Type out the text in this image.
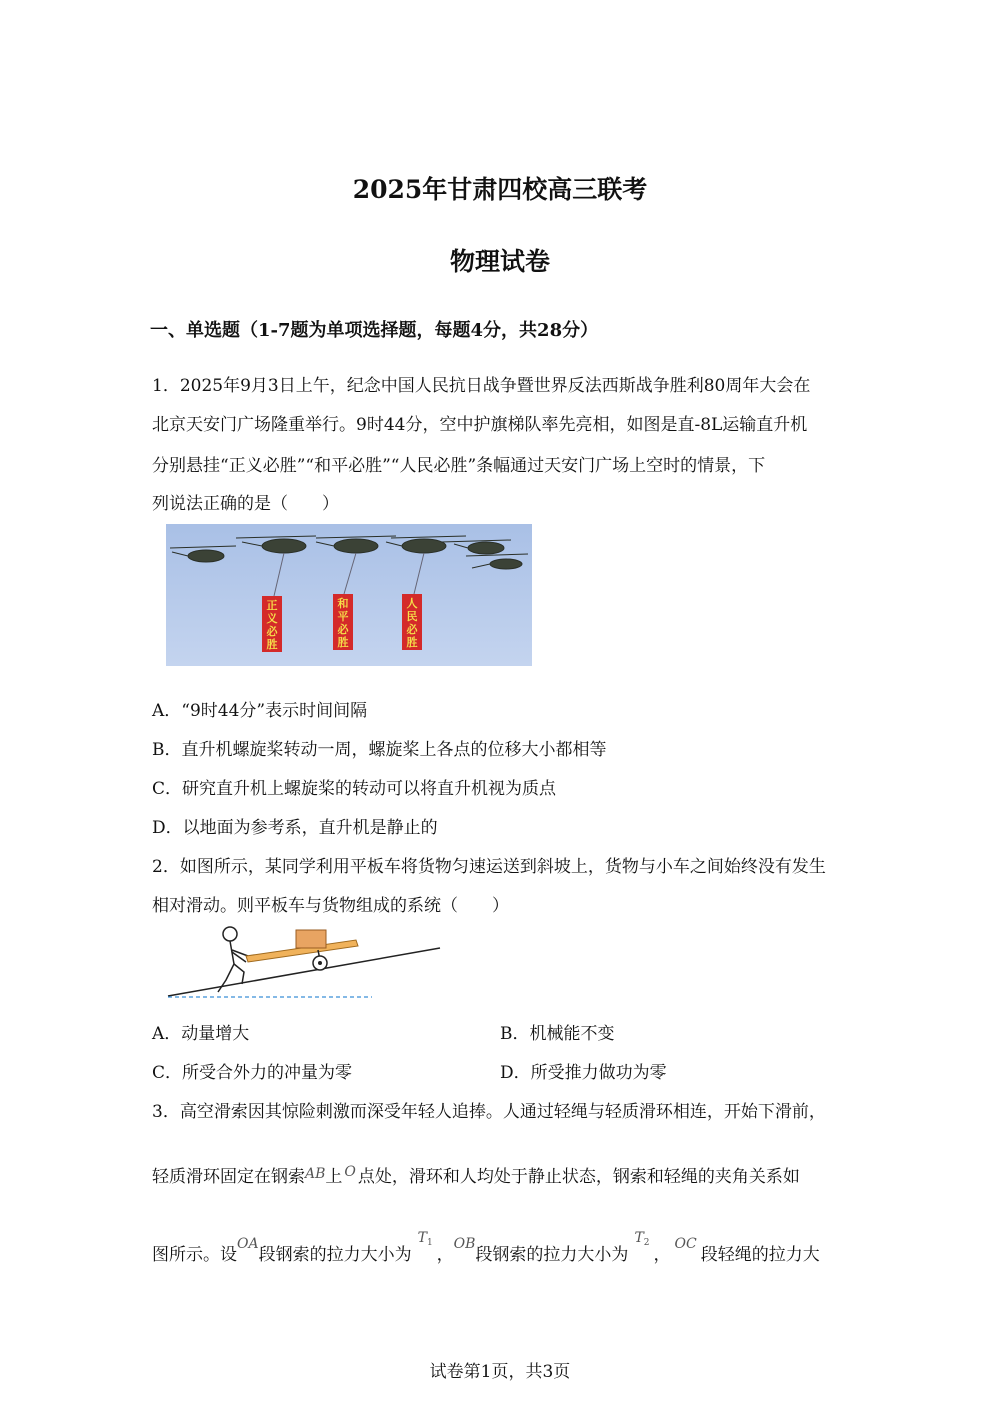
2025年甘肃四校高三联考
物理试卷
一、单选题（1-7题为单项选择题，每题4分，共28分）
1．2025年9月3日上午，纪念中国人民抗日战争暨世界反法西斯战争胜利80周年大会在
北京天安门广场隆重举行。9时44分，空中护旗梯队率先亮相，如图是直-8L运输直升机
分别悬挂“正义必胜”“和平必胜”“人民必胜”条幅通过天安门广场上空时的情景，下
列说法正确的是（　　）
正
义
必
胜
和
平
必
胜
人
民
必
胜
A．“9时44分”表示时间间隔
B．直升机螺旋桨转动一周，螺旋桨上各点的位移大小都相等
C．研究直升机上螺旋桨的转动可以将直升机视为质点
D．以地面为参考系，直升机是静止的
2．如图所示，某同学利用平板车将货物匀速运送到斜坡上，货物与小车之间始终没有发生
相对滑动。则平板车与货物组成的系统（　　）
A．动量增大	B．机械能不变
C．所受合外力的冲量为零	D．所受推力做功为零
3．高空滑索因其惊险刺激而深受年轻人追捧。人通过轻绳与轻质滑环相连，开始下滑前，
轻质滑环固定在钢索$^{AB}$上 $^O$ 点处，滑环和人均处于静止状态，钢索和轻绳的夹角关系如
图所示。设$^{OA}$段钢索的拉力大小为$^{T_1}$，$^{OB}$段钢索的拉力大小为$^{T_2}$，$^{OC}$段轻绳的拉力大
试卷第1页，共3页
